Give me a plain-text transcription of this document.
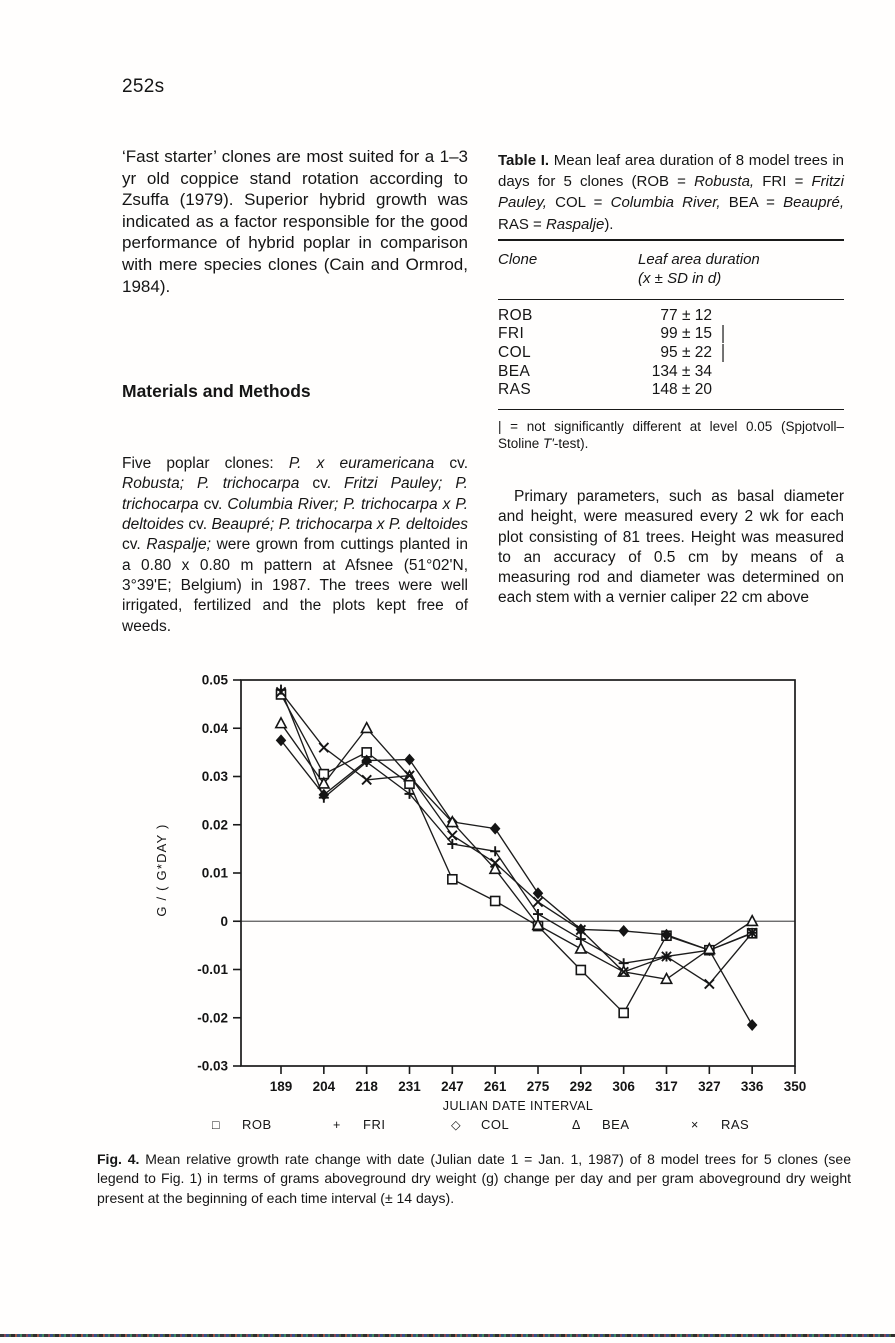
252s

‘Fast starter’ clones are most suited for a 1–3 yr old coppice stand rotation according to Zsuffa (1979). Superior hybrid growth was indicated as a factor responsible for the good performance of hybrid poplar in comparison with mere species clones (Cain and Ormrod, 1984).

Materials and Methods

Five poplar clones: P. x euramericana cv. Robusta; P. trichocarpa cv. Fritzi Pauley; P. trichocarpa cv. Columbia River; P. trichocarpa x P. deltoides cv. Beaupré; P. trichocarpa x P. deltoides cv. Raspalje; were grown from cuttings planted in a 0.80 x 0.80 m pattern at Afsnee (51°02'N, 3°39'E; Belgium) in 1987. The trees were well irrigated, fertilized and the plots kept free of weeds.

Table I. Mean leaf area duration of 8 model trees in days for 5 clones (ROB = Robusta, FRI = Fritzi Pauley, COL = Columbia River, BEA = Beaupré, RAS = Raspalje).

Clone	Leaf area duration
(x ± SD in d)
ROB	77 ± 12
FRI	99 ± 15 |
COL	95 ± 22 |
BEA	134 ± 34
RAS	148 ± 20

| = not significantly different at level 0.05 (Spjotvoll–Stoline T'-test).

Primary parameters, such as basal diameter and height, were measured every 2 wk for each plot consisting of 81 trees. Height was measured to an accuracy of 0.5 cm by means of a measuring rod and diameter was determined on each stem with a vernier caliper 22 cm above

0.05
0.04
0.03
0.02
0.01
0
-0.01
-0.02
-0.03
189 204 218 231 247 261 275 292 306 317 327 336 350
G / ( G*DAY )
JULIAN DATE INTERVAL
□	ROB	+	FRI	◇	COL	Δ	BEA	×	RAS
Fig. 4. Mean relative growth rate change with date (Julian date 1 = Jan. 1, 1987) of 8 model trees for 5 clones (see legend to Fig. 1) in terms of grams aboveground dry weight (g) change per day and per gram aboveground dry weight present at the beginning of each time interval (± 14 days).
